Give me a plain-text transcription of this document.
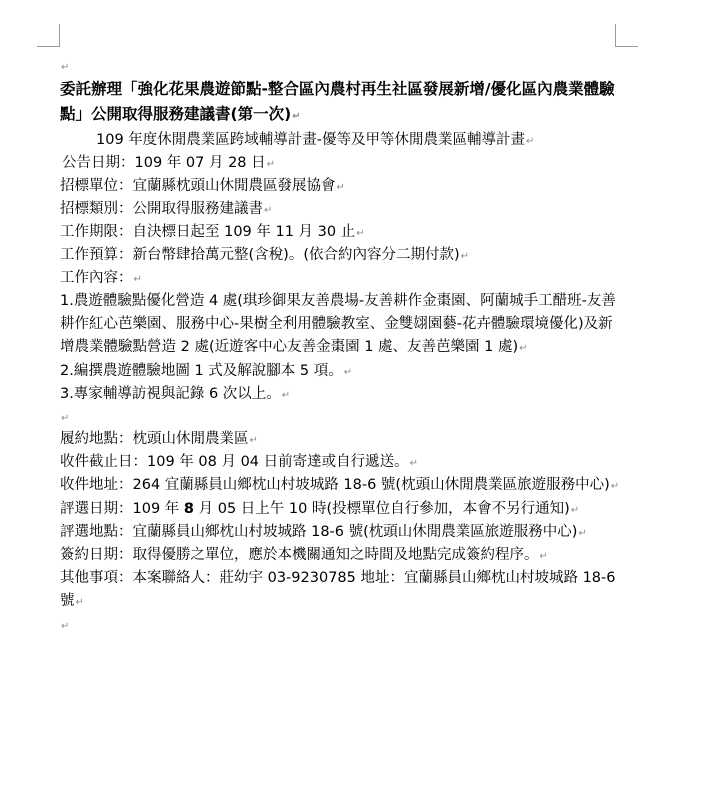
↵
委託辦理「強化花果農遊節點-整合區內農村再生社區發展新增/優化區內農業體驗點」公開取得服務建議書(第一次)↵
109 年度休閒農業區跨域輔導計畫-優等及甲等休閒農業區輔導計畫↵
公告日期：109 年 07 月 28 日↵
招標單位：宜蘭縣枕頭山休閒農區發展協會↵
招標類別：公開取得服務建議書↵
工作期限：自決標日起至 109 年 11 月 30 止↵
工作預算：新台幣肆拾萬元整(含稅)。(依合約內容分二期付款)↵
工作內容：↵
1.農遊體驗點優化營造 4 處(琪珍御果友善農場-友善耕作金棗園、阿蘭城手工醋班-友善耕作紅心芭樂園、服務中心-果樹全利用體驗教室、金雙翃園藝-花卉體驗環境優化)及新增農業體驗點營造 2 處(近遊客中心友善金棗園 1 處、友善芭樂園 1 處)↵
2.編撰農遊體驗地圖 1 式及解說腳本 5 項。↵
3.專家輔導訪視與記錄 6 次以上。↵
↵
履約地點：枕頭山休閒農業區↵
收件截止日：109 年 08 月 04 日前寄達或自行遞送。↵
收件地址：264 宜蘭縣員山鄉枕山村坡城路 18-6 號(枕頭山休閒農業區旅遊服務中心)↵
評選日期：109 年 8 月 05 日上午 10 時(投標單位自行參加，本會不另行通知)↵
評選地點：宜蘭縣員山鄉枕山村坡城路 18-6 號(枕頭山休閒農業區旅遊服務中心)↵
簽約日期：取得優勝之單位，應於本機關通知之時間及地點完成簽約程序。↵
其他事項：本案聯絡人：莊幼宇 03-9230785 地址：宜蘭縣員山鄉枕山村坡城路 18-6 號↵
↵
